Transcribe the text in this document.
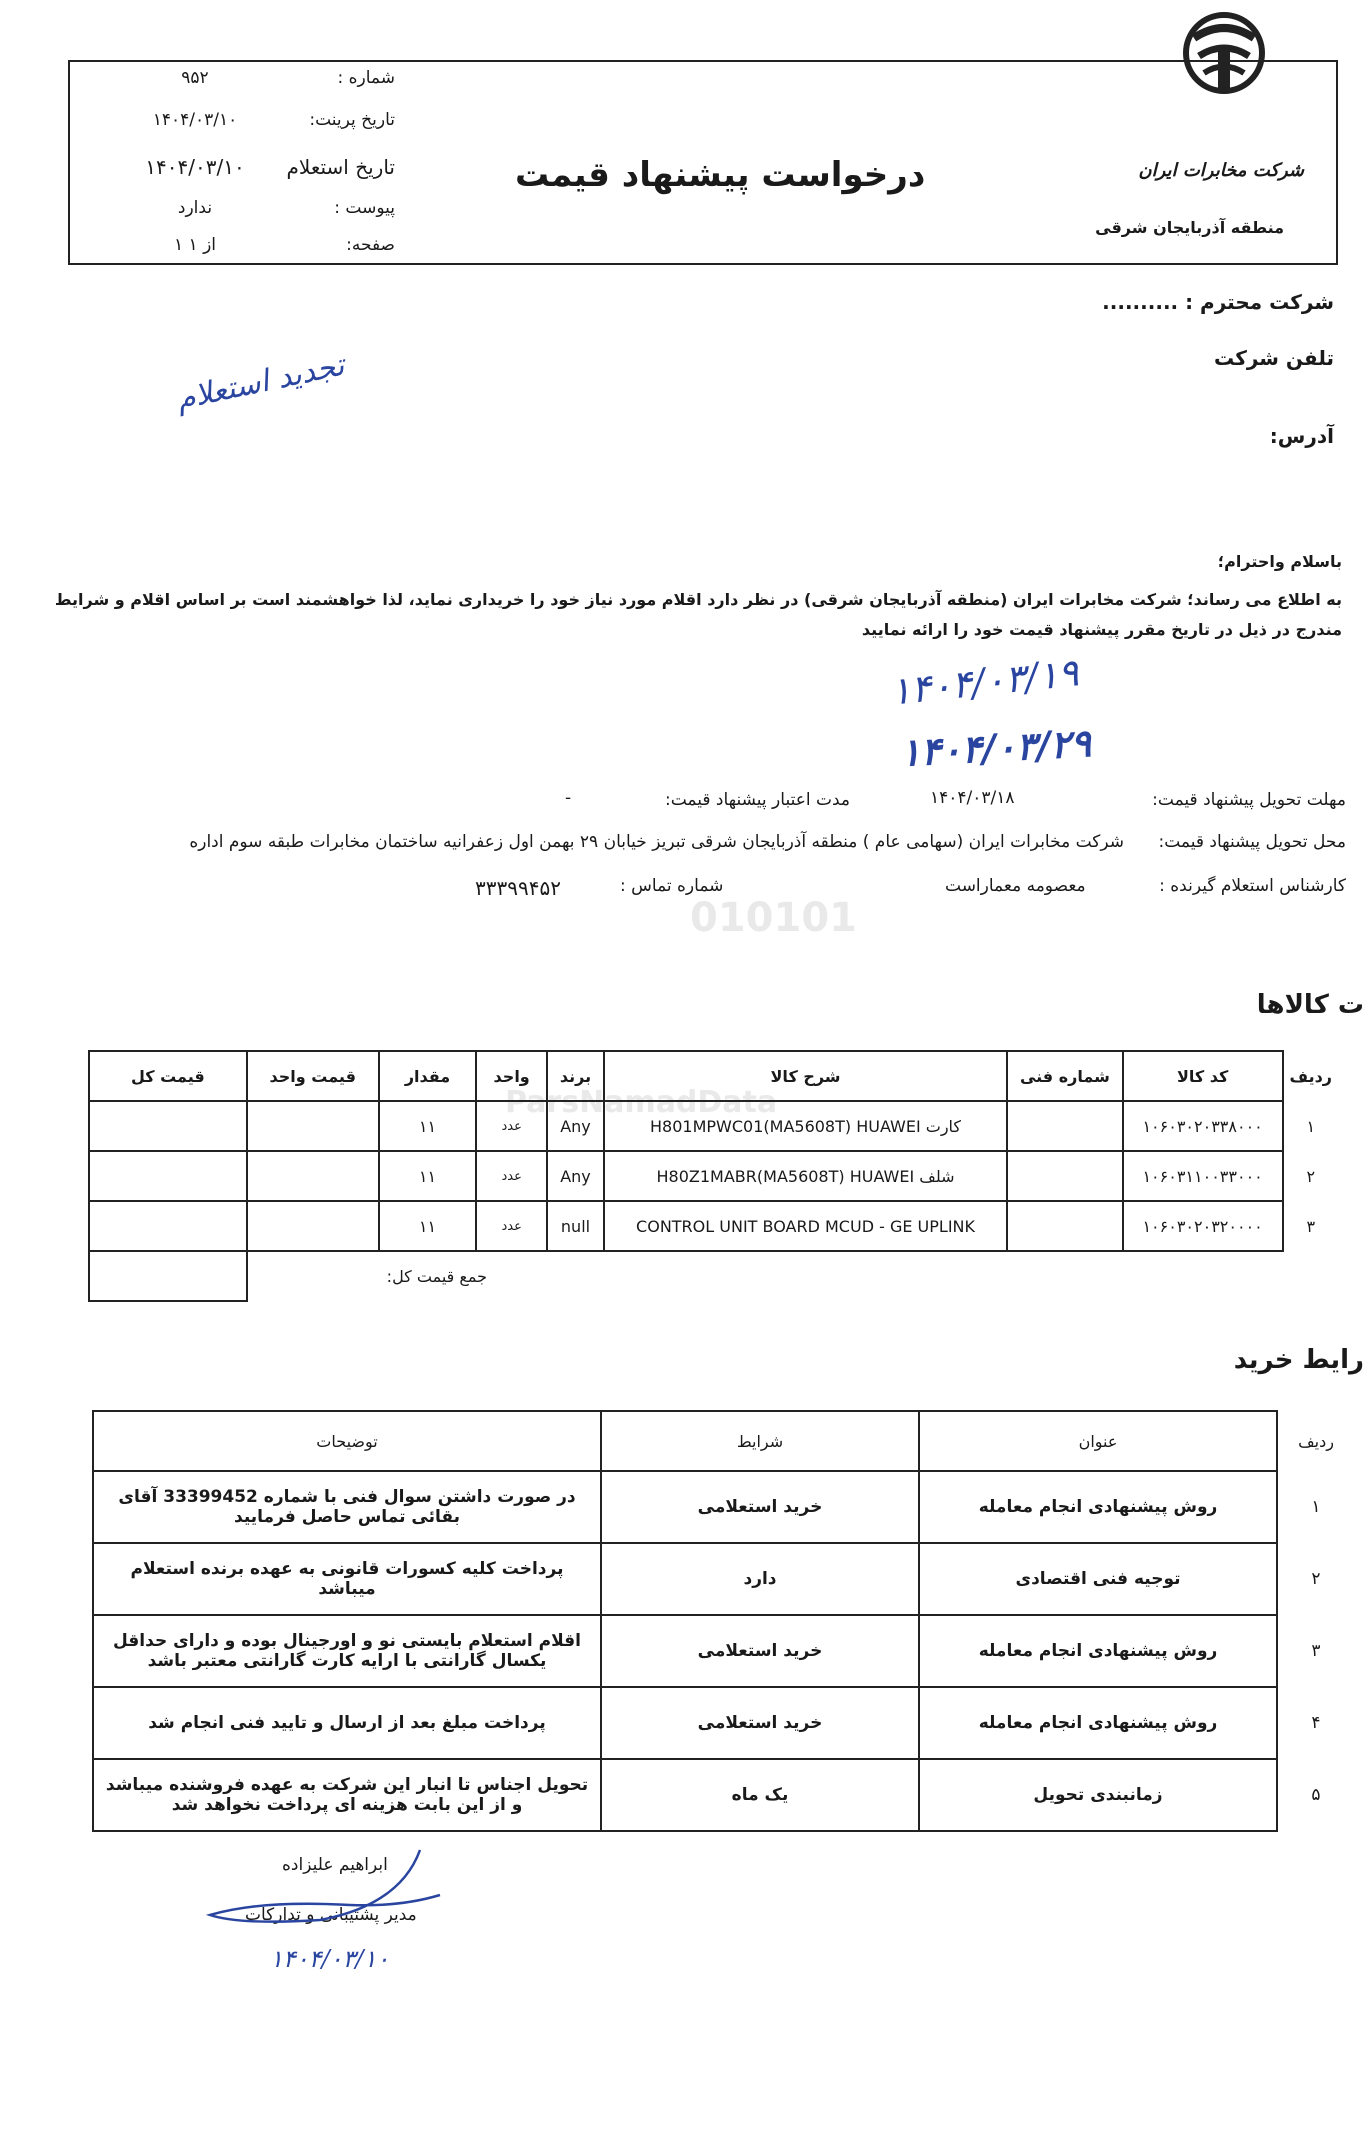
شرکت مخابرات ایران
منطقه آذربایجان شرقی
درخواست پیشنهاد قیمت
شماره :
۹۵۲
تاریخ پرینت:
۱۴۰۴/۰۳/۱۰
تاریخ استعلام
۱۴۰۴/۰۳/۱۰
پیوست :
ندارد
صفحه:
۱ از ۱
شرکت محترم : ..........
تلفن شرکت
آدرس:
تجدید استعلام
باسلام واحترام؛
به اطلاع می رساند؛ شرکت مخابرات ایران (منطقه آذربایجان شرقی) در نظر دارد اقلام مورد نیاز خود را خریداری نماید، لذا خواهشمند است بر اساس اقلام و شرایط مندرج در ذیل در تاریخ مقرر پیشنهاد قیمت خود را ارائه نمایید
۱۴۰۴/۰۳/۱۹
۱۴۰۴/۰۳/۲۹
مهلت تحویل پیشنهاد قیمت:
۱۴۰۴/۰۳/۱۸
مدت اعتبار پیشنهاد قیمت:
-
محل تحویل پیشنهاد قیمت:
شرکت مخابرات ایران (سهامی عام ) منطقه آذربایجان شرقی تبریز خیابان ۲۹ بهمن اول زعفرانیه ساختمان مخابرات طبقه سوم اداره
کارشناس استعلام گیرنده :
معصومه معماراست
شماره تماس :
۳۳۳۹۹۴۵۲
010101
ParsNamadData
ت کالاها
ردیف	کد کالا	شماره فنی	شرح کالا	برند	واحد	مقدار	قیمت واحد	قیمت کل
۱	۱۰۶۰۳۰۲۰۳۳۸۰۰۰		کارت H801MPWC01(MA5608T) HUAWEI	Any	عدد	۱۱		
۲	۱۰۶۰۳۱۱۰۰۳۳۰۰۰		شلف H80Z1MABR(MA5608T) HUAWEI	Any	عدد	۱۱		
۳	۱۰۶۰۳۰۲۰۳۲۰۰۰۰		CONTROL UNIT BOARD MCUD - GE UPLINK	null	عدد	۱۱		
جمع قیمت کل:								
رایط خرید
ردیف	عنوان	شرایط	توضیحات
۱	روش پیشنهادی انجام معامله	خرید استعلامی	در صورت داشتن سوال فنی با شماره 33399452 آقای بقائی تماس حاصل فرمایید
۲	توجیه فنی اقتصادی	دارد	پرداخت کلیه کسورات قانونی به عهده برنده استعلام میباشد
۳	روش پیشنهادی انجام معامله	خرید استعلامی	اقلام استعلام بایستی نو و اورجینال بوده و دارای حداقل یکسال گارانتی با ارایه کارت گارانتی معتبر باشد
۴	روش پیشنهادی انجام معامله	خرید استعلامی	پرداخت مبلغ بعد از ارسال و تایید فنی انجام شد
۵	زمانبندی تحویل	یک ماه	تحویل اجناس تا انبار این شرکت به عهده فروشنده میباشد و از این بابت هزینه ای پرداخت نخواهد شد
ابراهیم علیزاده
مدیر پشتیبانی و تدارکات
۱۴۰۴/۰۳/۱۰
